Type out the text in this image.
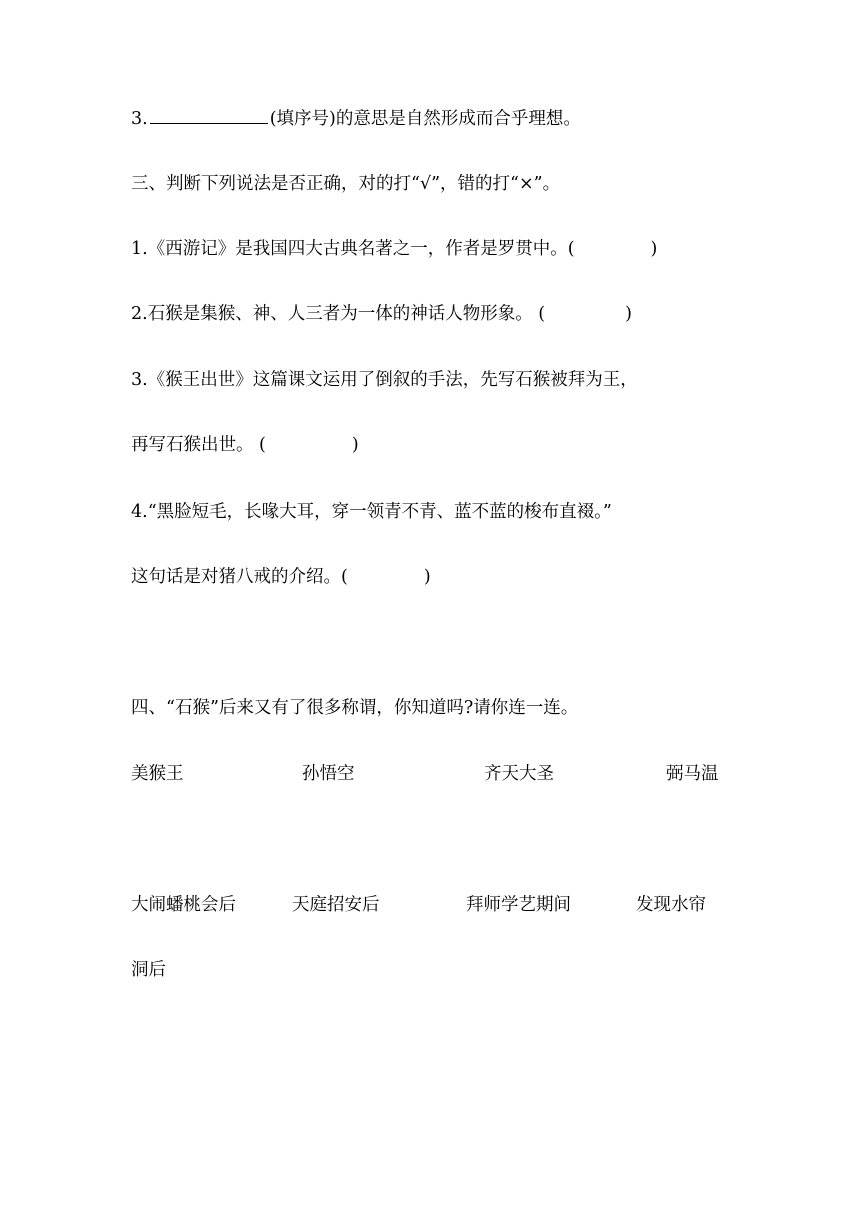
3.	(填序号)的意思是自然形成而合乎理想。
三、判断下列说法是否正确，对的打“√”，错的打“×”。
1.《西游记》是我国四大古典名著之一，作者是罗贯中。(	)
2.石猴是集猴、神、人三者为一体的神话人物形象。 (	)
3.《猴王出世》这篇课文运用了倒叙的手法，先写石猴被拜为王，
再写石猴出世。 (	)
4.“黑脸短毛，长喙大耳，穿一领青不青、蓝不蓝的梭布直裰。”
这句话是对猪八戒的介绍。(	)
四、“石猴”后来又有了很多称谓，你知道吗?请你连一连。
美猴王	孙悟空	齐天大圣	弼马温
大闹蟠桃会后	天庭招安后	拜师学艺期间	发现水帘
洞后
